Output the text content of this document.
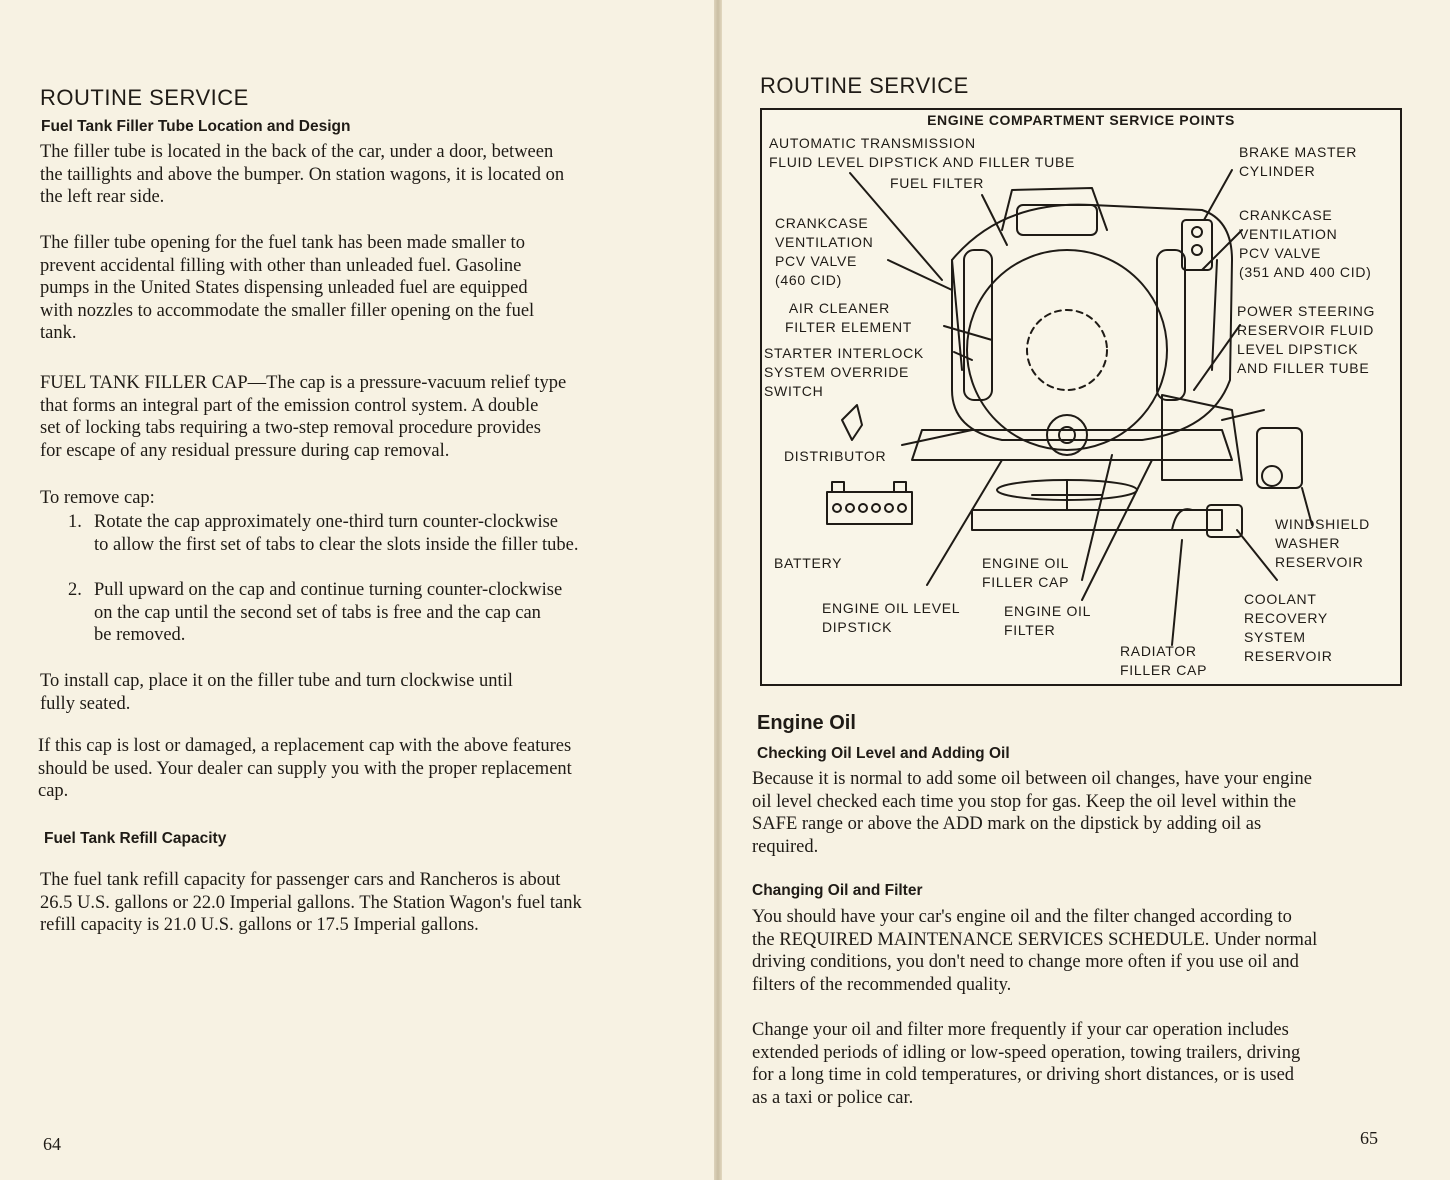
ROUTINE SERVICE
Fuel Tank Filler Tube Location and Design
The filler tube is located in the back of the car, under a door, between
the taillights and above the bumper. On station wagons, it is located on
the left rear side.
The filler tube opening for the fuel tank has been made smaller to
prevent accidental filling with other than unleaded fuel. Gasoline
pumps in the United States dispensing unleaded fuel are equipped
with nozzles to accommodate the smaller filler opening on the fuel
tank.
FUEL TANK FILLER CAP—The cap is a pressure-vacuum relief type
that forms an integral part of the emission control system. A double
set of locking tabs requiring a two-step removal procedure provides
for escape of any residual pressure during cap removal.
To remove cap:
1. Rotate the cap approximately one-third turn counter-clockwise
to allow the first set of tabs to clear the slots inside the filler tube.
2. Pull upward on the cap and continue turning counter-clockwise
on the cap until the second set of tabs is free and the cap can
be removed.
To install cap, place it on the filler tube and turn clockwise until
fully seated.
If this cap is lost or damaged, a replacement cap with the above features
should be used. Your dealer can supply you with the proper replacement
cap.
Fuel Tank Refill Capacity
The fuel tank refill capacity for passenger cars and Rancheros is about
26.5 U.S. gallons or 22.0 Imperial gallons. The Station Wagon's fuel tank
refill capacity is 21.0 U.S. gallons or 17.5 Imperial gallons.
64
ROUTINE SERVICE
ENGINE COMPARTMENT SERVICE POINTS
AUTOMATIC TRANSMISSION
FLUID LEVEL DIPSTICK AND FILLER TUBE
FUEL FILTER
CRANKCASE
VENTILATION
PCV VALVE
(460 CID)
AIR CLEANER
FILTER ELEMENT
STARTER INTERLOCK
SYSTEM OVERRIDE
SWITCH
DISTRIBUTOR
BATTERY	ENGINE OIL
FILLER CAP
ENGINE OIL LEVEL
DIPSTICK
ENGINE OIL
FILTER
RADIATOR
FILLER CAP
BRAKE MASTER
CYLINDER
CRANKCASE
VENTILATION
PCV VALVE
(351 AND 400 CID)
POWER STEERING
RESERVOIR FLUID
LEVEL DIPSTICK
AND FILLER TUBE
WINDSHIELD
WASHER
RESERVOIR
COOLANT
RECOVERY
SYSTEM
RESERVOIR
Engine Oil
Checking Oil Level and Adding Oil
Because it is normal to add some oil between oil changes, have your engine
oil level checked each time you stop for gas. Keep the oil level within the
SAFE range or above the ADD mark on the dipstick by adding oil as
required.
Changing Oil and Filter
You should have your car's engine oil and the filter changed according to
the REQUIRED MAINTENANCE SERVICES SCHEDULE. Under normal
driving conditions, you don't need to change more often if you use oil and
filters of the recommended quality.
Change your oil and filter more frequently if your car operation includes
extended periods of idling or low-speed operation, towing trailers, driving
for a long time in cold temperatures, or driving short distances, or is used
as a taxi or police car.
65
